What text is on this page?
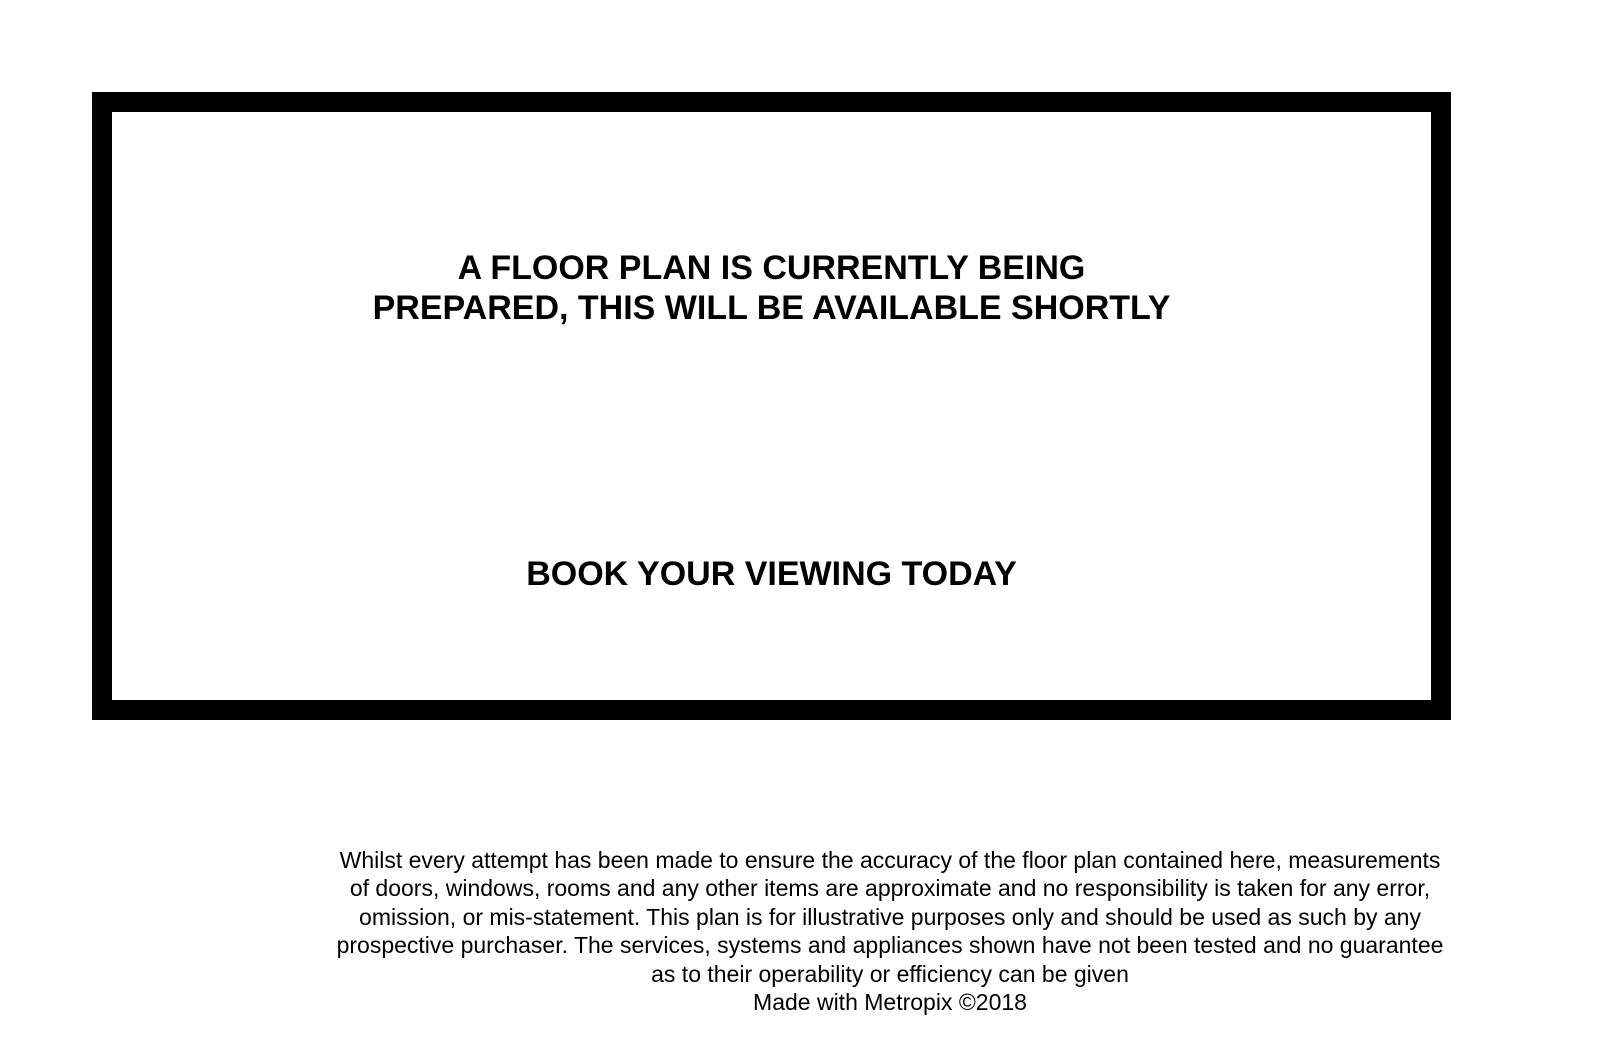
A FLOOR PLAN IS CURRENTLY BEING
PREPARED, THIS WILL BE AVAILABLE SHORTLY
BOOK YOUR VIEWING TODAY
Whilst every attempt has been made to ensure the accuracy of the floor plan contained here, measurements
of doors, windows, rooms and any other items are approximate and no responsibility is taken for any error,
omission, or mis-statement. This plan is for illustrative purposes only and should be used as such by any
prospective purchaser. The services, systems and appliances shown have not been tested and no guarantee
as to their operability or efficiency can be given
Made with Metropix ©2018
